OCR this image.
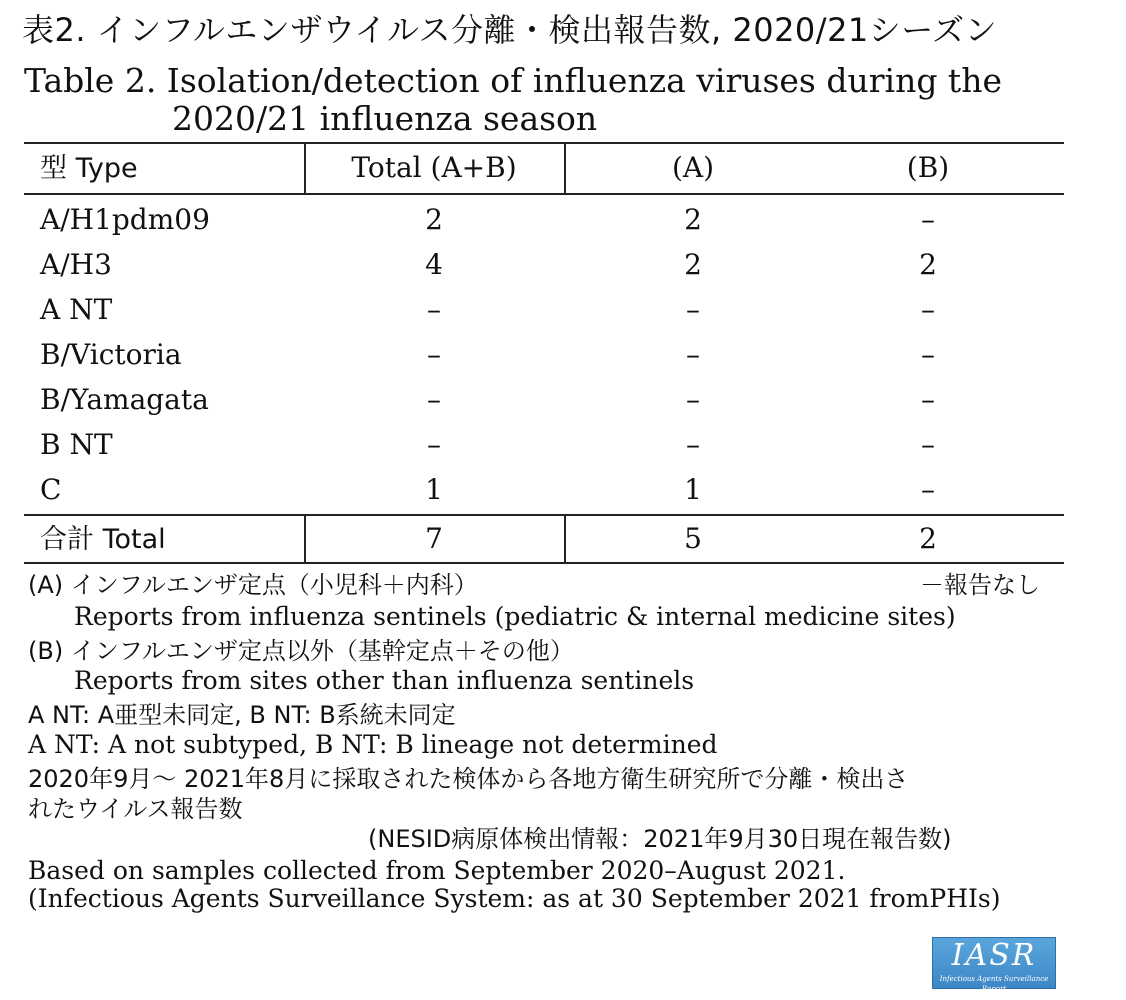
表2. インフルエンザウイルス分離・検出報告数, 2020/21シーズン
Table 2. Isolation/detection of influenza viruses during the
2020/21 influenza season
型 Type	Total (A+B)	(A)	(B)
A/H1pdm09	2	2	–
A/H3	4	2	2
A NT	–	–	–
B/Victoria	–	–	–
B/Yamagata	–	–	–
B NT	–	–	–
C	1	1	–
合計 Total	7	5	2
(A) インフルエンザ定点（小児科＋内科）	－報告なし
Reports from influenza sentinels (pediatric & internal medicine sites)
(B) インフルエンザ定点以外（基幹定点＋その他）
Reports from sites other than influenza sentinels
A NT: A亜型未同定, B NT: B系統未同定
A NT: A not subtyped, B NT: B lineage not determined
2020年9月～ 2021年8月に採取された検体から各地方衛生研究所で分離・検出さ
れたウイルス報告数
(NESID病原体検出情報：2021年9月30日現在報告数)
Based on samples collected from September 2020–August 2021.
(Infectious Agents Surveillance System: as at 30 September 2021 fromPHIs)
IASR
Infectious Agents Surveillance Report
